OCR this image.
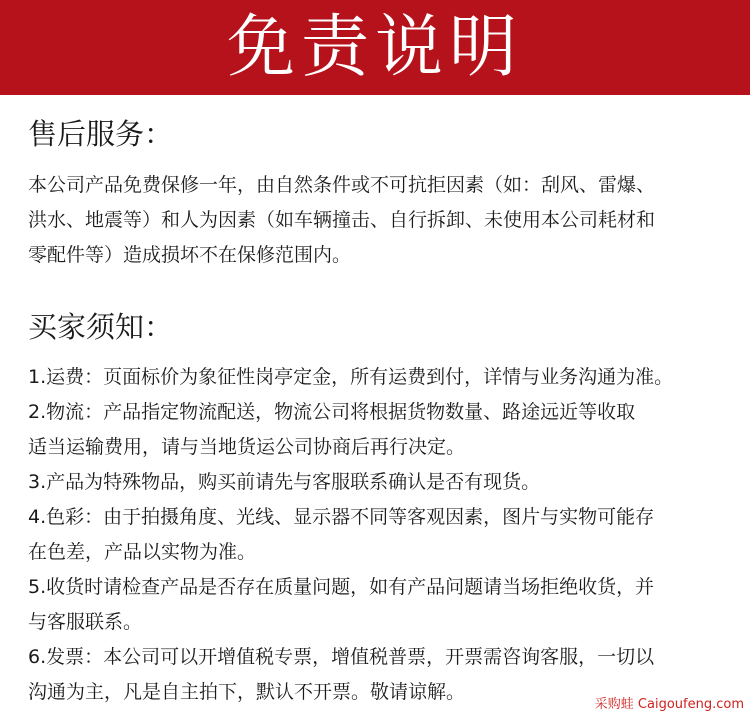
免责说明
售后服务：
本公司产品免费保修一年，由自然条件或不可抗拒因素（如：刮风、雷爆、
洪水、地震等）和人为因素（如车辆撞击、自行拆卸、未使用本公司耗材和
零配件等）造成损坏不在保修范围内。
买家须知：
1.运费：页面标价为象征性岗亭定金，所有运费到付，详情与业务沟通为准。
2.物流：产品指定物流配送，物流公司将根据货物数量、路途远近等收取
适当运输费用，请与当地货运公司协商后再行决定。
3.产品为特殊物品，购买前请先与客服联系确认是否有现货。
4.色彩：由于拍摄角度、光线、显示器不同等客观因素，图片与实物可能存
在色差，产品以实物为准。
5.收货时请检查产品是否存在质量问题，如有产品问题请当场拒绝收货，并
与客服联系。
6.发票：本公司可以开增值税专票，增值税普票，开票需咨询客服，一切以
沟通为主，凡是自主拍下，默认不开票。敬请谅解。
采购蛙 Caigoufeng.com
